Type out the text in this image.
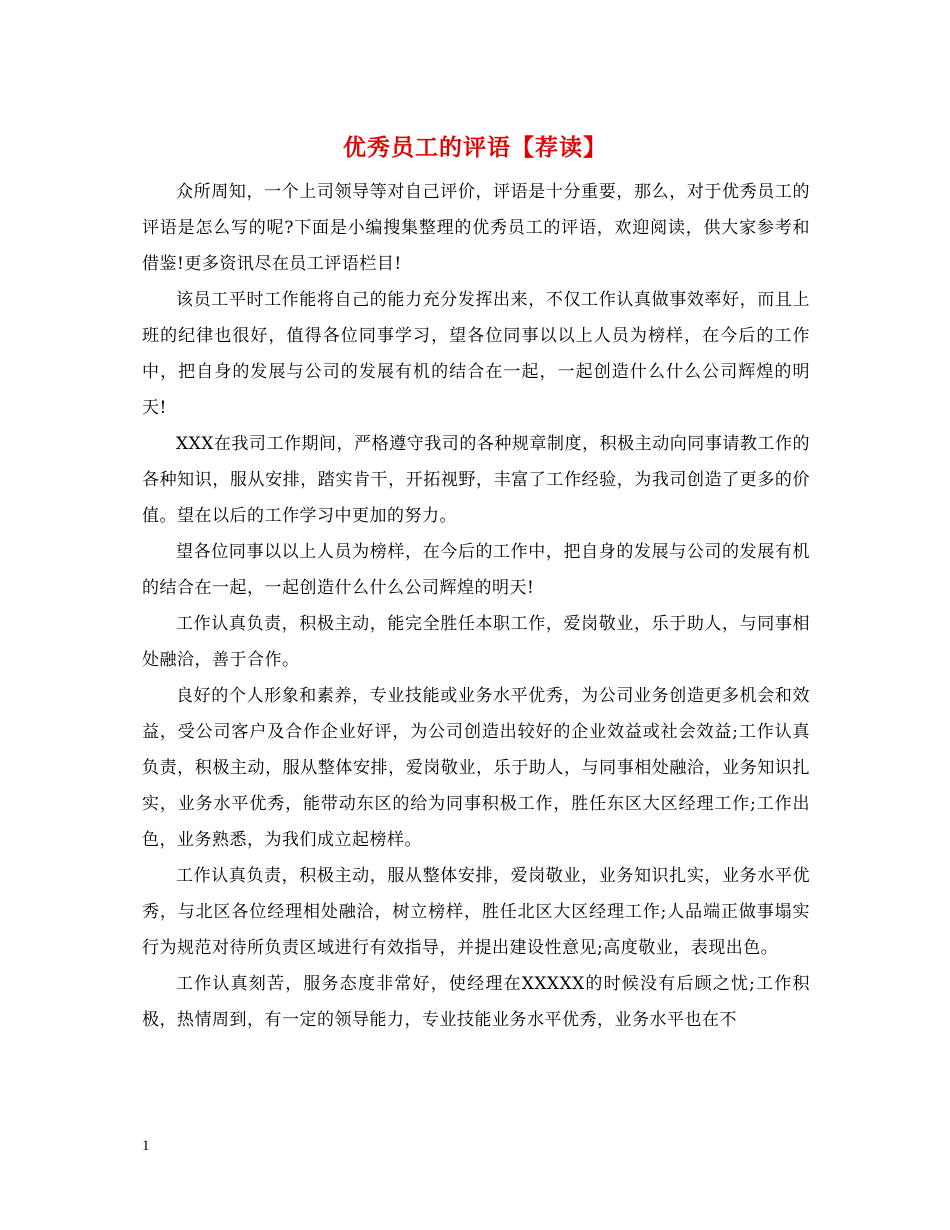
优秀员工的评语【荐读】

众所周知，一个上司领导等对自己评价，评语是十分重要，那么，对于优秀员工的评语是怎么写的呢?下面是小编搜集整理的优秀员工的评语，欢迎阅读，供大家参考和借鉴!更多资讯尽在员工评语栏目!

该员工平时工作能将自己的能力充分发挥出来，不仅工作认真做事效率好，而且上班的纪律也很好，值得各位同事学习，望各位同事以以上人员为榜样，在今后的工作中，把自身的发展与公司的发展有机的结合在一起，一起创造什么什么公司辉煌的明天!

XXX在我司工作期间，严格遵守我司的各种规章制度，积极主动向同事请教工作的各种知识，服从安排，踏实肯干，开拓视野，丰富了工作经验，为我司创造了更多的价值。望在以后的工作学习中更加的努力。

望各位同事以以上人员为榜样，在今后的工作中，把自身的发展与公司的发展有机的结合在一起，一起创造什么什么公司辉煌的明天!

工作认真负责，积极主动，能完全胜任本职工作，爱岗敬业，乐于助人，与同事相处融洽，善于合作。

良好的个人形象和素养，专业技能或业务水平优秀，为公司业务创造更多机会和效益，受公司客户及合作企业好评，为公司创造出较好的企业效益或社会效益;工作认真负责，积极主动，服从整体安排，爱岗敬业，乐于助人，与同事相处融洽，业务知识扎实，业务水平优秀，能带动东区的给为同事积极工作，胜任东区大区经理工作;工作出色，业务熟悉，为我们成立起榜样。

工作认真负责，积极主动，服从整体安排，爱岗敬业，业务知识扎实，业务水平优秀，与北区各位经理相处融洽，树立榜样，胜任北区大区经理工作;人品端正做事塌实行为规范对待所负责区域进行有效指导，并提出建设性意见;高度敬业，表现出色。

工作认真刻苦，服务态度非常好，使经理在XXXXX的时候没有后顾之忧;工作积极，热情周到，有一定的领导能力，专业技能业务水平优秀，业务水平也在不

1
